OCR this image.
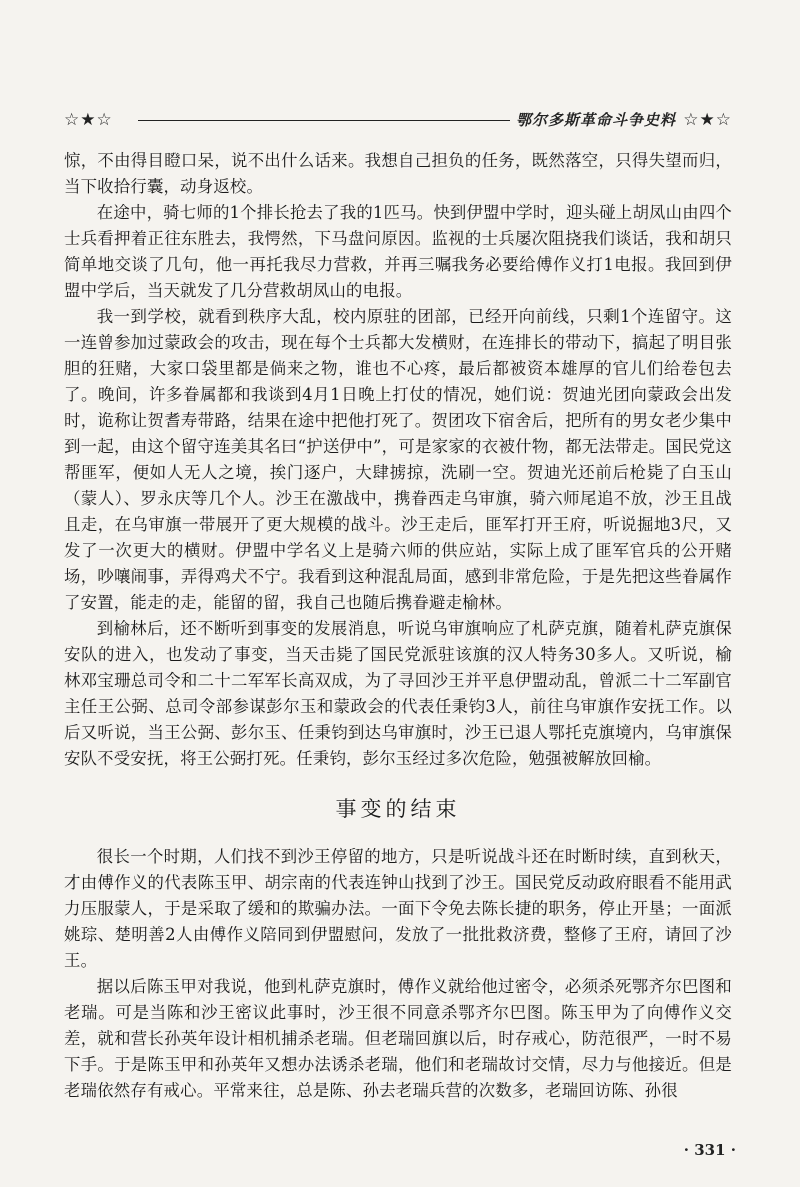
☆★☆	鄂尔多斯革命斗争史料 ☆★☆

惊，不由得目瞪口呆，说不出什么话来。我想自己担负的任务，既然落空，只得失望而归，当下收拾行囊，动身返校。

在途中，骑七师的1个排长抢去了我的1匹马。快到伊盟中学时，迎头碰上胡凤山由四个士兵看押着正往东胜去，我愕然，下马盘问原因。监视的士兵屡次阻挠我们谈话，我和胡只简单地交谈了几句，他一再托我尽力营救，并再三嘱我务必要给傅作义打1电报。我回到伊盟中学后，当天就发了几分营救胡凤山的电报。

我一到学校，就看到秩序大乱，校内原驻的团部，已经开向前线，只剩1个连留守。这一连曾参加过蒙政会的攻击，现在每个士兵都大发横财，在连排长的带动下，搞起了明目张胆的狂赌，大家口袋里都是倘来之物，谁也不心疼，最后都被资本雄厚的官儿们给卷包去了。晚间，许多眷属都和我谈到4月1日晚上打仗的情况，她们说：贺迪光团向蒙政会出发时，诡称让贺耆寿带路，结果在途中把他打死了。贺团攻下宿舍后，把所有的男女老少集中到一起，由这个留守连美其名曰“护送伊中”，可是家家的衣被什物，都无法带走。国民党这帮匪军，便如人无人之境，挨门逐户，大肆掳掠，洗刷一空。贺迪光还前后枪毙了白玉山（蒙人）、罗永庆等几个人。沙王在激战中，携眷西走乌审旗，骑六师尾追不放，沙王且战且走，在乌审旗一带展开了更大规模的战斗。沙王走后，匪军打开王府，听说掘地3尺，又发了一次更大的横财。伊盟中学名义上是骑六师的供应站，实际上成了匪军官兵的公开赌场，吵嚷闹事，弄得鸡犬不宁。我看到这种混乱局面，感到非常危险，于是先把这些眷属作了安置，能走的走，能留的留，我自己也随后携眷避走榆林。

到榆林后，还不断听到事变的发展消息，听说乌审旗响应了札萨克旗，随着札萨克旗保安队的进入，也发动了事变，当天击毙了国民党派驻该旗的汉人特务30多人。又听说，榆林邓宝珊总司令和二十二军军长高双成，为了寻回沙王并平息伊盟动乱，曾派二十二军副官主任王公弼、总司令部参谋彭尔玉和蒙政会的代表任秉钧3人，前往乌审旗作安抚工作。以后又听说，当王公弼、彭尔玉、任秉钧到达乌审旗时，沙王已退人鄂托克旗境内，乌审旗保安队不受安抚，将王公弼打死。任秉钧，彭尔玉经过多次危险，勉强被解放回榆。

事变的结束

很长一个时期，人们找不到沙王停留的地方，只是听说战斗还在时断时续，直到秋天，才由傅作义的代表陈玉甲、胡宗南的代表连钟山找到了沙王。国民党反动政府眼看不能用武力压服蒙人，于是采取了缓和的欺骗办法。一面下令免去陈长捷的职务，停止开垦；一面派姚琮、楚明善2人由傅作义陪同到伊盟慰问，发放了一批批救济费，整修了王府，请回了沙王。

据以后陈玉甲对我说，他到札萨克旗时，傅作义就给他过密令，必须杀死鄂齐尔巴图和老瑞。可是当陈和沙王密议此事时，沙王很不同意杀鄂齐尔巴图。陈玉甲为了向傅作义交差，就和营长孙英年设计相机捕杀老瑞。但老瑞回旗以后，时存戒心，防范很严，一时不易下手。于是陈玉甲和孙英年又想办法诱杀老瑞，他们和老瑞故讨交情，尽力与他接近。但是老瑞依然存有戒心。平常来往，总是陈、孙去老瑞兵营的次数多，老瑞回访陈、孙很

· 331 ·
